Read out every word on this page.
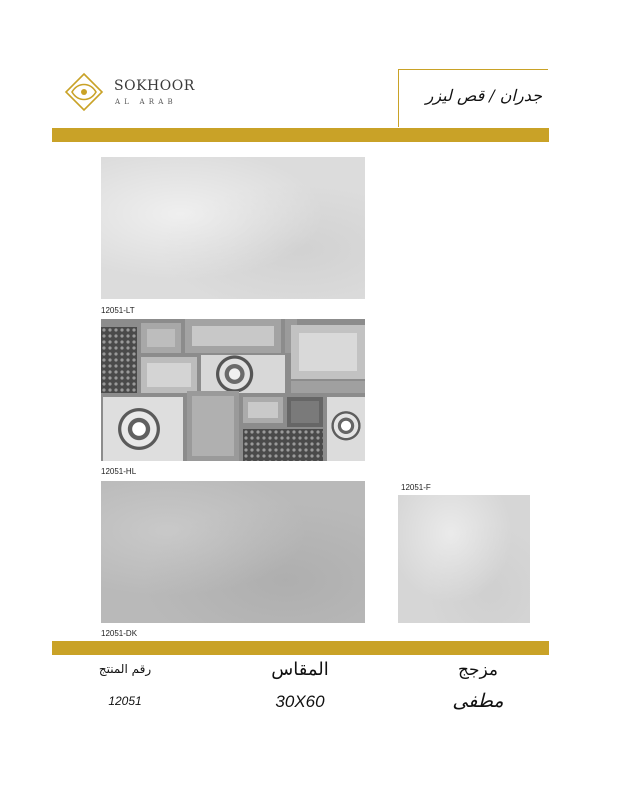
SOKHOOR
AL ARAB	جدران / قص ليزر
12051-LT
12051-HL
12051-DK
12051-F
رقم المنتج
12051
المقاس
30X60
مزجج
مطفى
